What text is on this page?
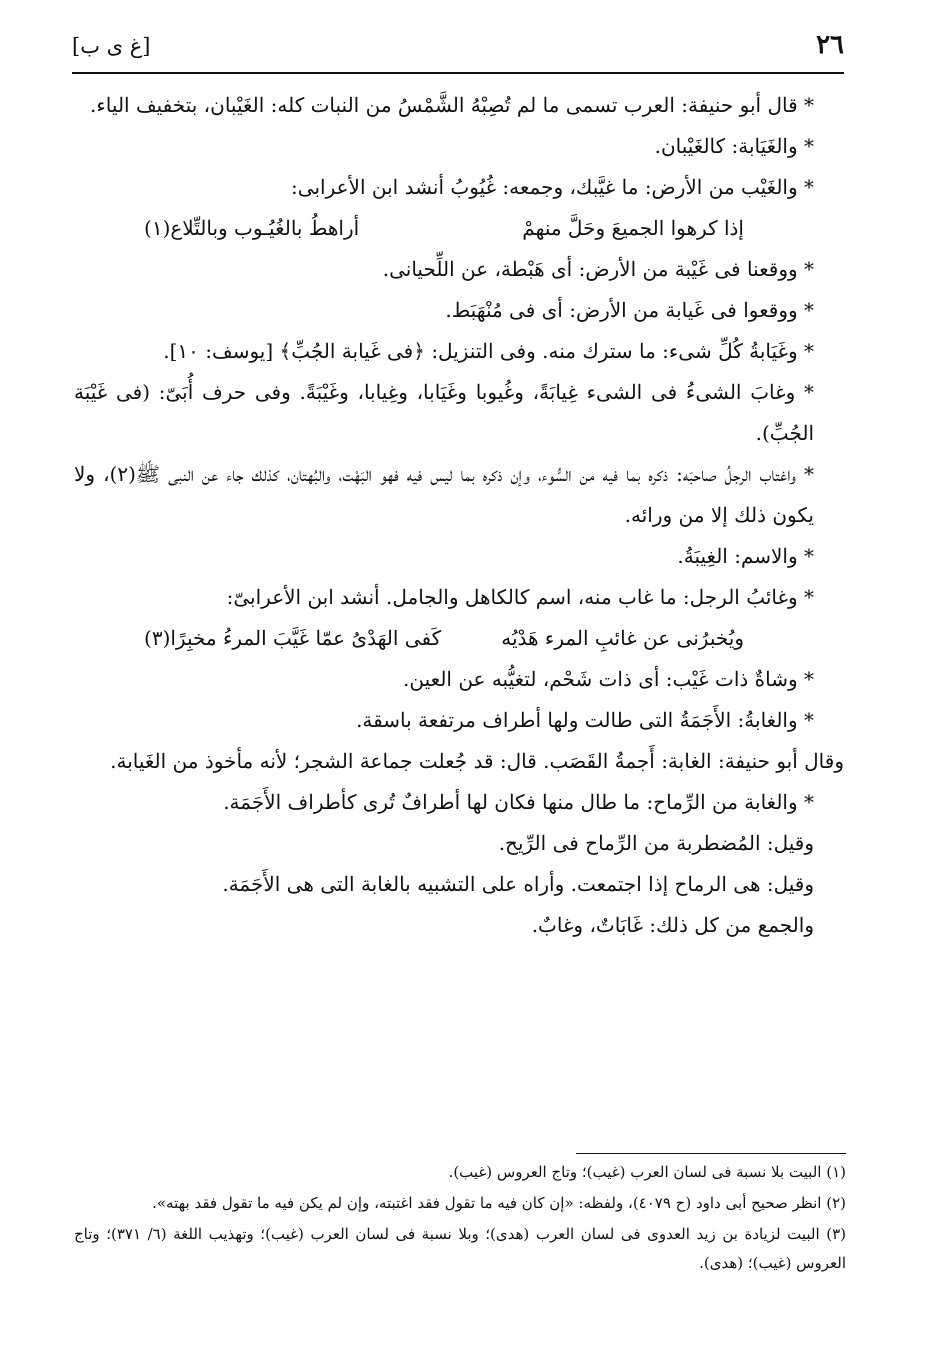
٢٦
[غ ى ب]

* قال أبو حنيفة: العرب تسمى ما لم تُصِبْهُ الشَّمْسُ من النبات كله: الغَيْبان، بتخفيف الياء.

* والغَيَابة: كالغَيْبان.

* والغَيْب من الأرض: ما غيَّبك، وجمعه: غُيُوبُ أنشد ابن الأعرابى:

إذا كرهوا الجميعَ وحَلَّ منهمْ
أراهطُ بالغُيُـوب وبالتِّلاع(١)

* ووقعنا فى غَيْبة من الأرض: أى هَبْطة، عن اللِّحيانى.

* ووقعوا فى غَيابة من الأرض: أى فى مُنْهَبَط.

* وغَيَابةُ كُلِّ شىء: ما سترك منه. وفى التنزيل: ﴿فى غَيابة الجُبِّ﴾ [يوسف: ١٠].

* وغابَ الشىءُ فى الشىء غِيابَةً، وغُيوبا وغَيَابا، وغِيابا، وغَيْبَةً. وفى حرف أُبَىّ: (فى غَيْبَة الجُبِّ).

* واغتاب الرجلُ صاحبَه: ذكره بما فيه من السُّوء، وإن ذكره بما ليس فيه فهو البَهْت، والبُهتان، كذلك جاء عن النبى ﷺ(٢)، ولا يكون ذلك إلا من ورائه.

* والاسم: الغِيبَةُ.

* وغائبُ الرجل: ما غاب منه، اسم كالكاهل والجامل. أنشد ابن الأعرابىّ:

ويُخبرُنى عن غائبِ المرء هَدْيُه
كَفى الهَدْىُ عمّا غَيَّبَ المرءُ مخبِرًا(٣)

* وشاةٌ ذات غَيْب: أى ذات شَحْم، لتغيُّبه عن العين.

* والغابةُ: الأَجَمَةُ التى طالت ولها أطراف مرتفعة باسقة.

وقال أبو حنيفة: الغابة: أَجمةُ القَصَب. قال: قد جُعلت جماعة الشجر؛ لأنه مأخوذ من الغَيابة.

* والغابة من الرِّماح: ما طال منها فكان لها أطرافٌ تُرى كأطراف الأَجَمَة.

وقيل: المُضطربة من الرِّماح فى الرِّيح.

وقيل: هى الرماح إذا اجتمعت. وأراه على التشبيه بالغابة التى هى الأَجَمَة.

والجمع من كل ذلك: غَابَاتٌ، وغابٌ.

(١) البيت بلا نسبة فى لسان العرب (غيب)؛ وتاج العروس (غيب).

(٢) انظر صحيح أبى داود (ح ٤٠٧٩)، ولفظه: «إن كان فيه ما تقول فقد اغتبته، وإن لم يكن فيه ما تقول فقد بهته».

(٣) البيت لزيادة بن زيد العدوى فى لسان العرب (هدى)؛ وبلا نسبة فى لسان العرب (غيب)؛ وتهذيب اللغة (٦/ ٣٧١)؛ وتاج العروس (غيب)؛ (هدى).
